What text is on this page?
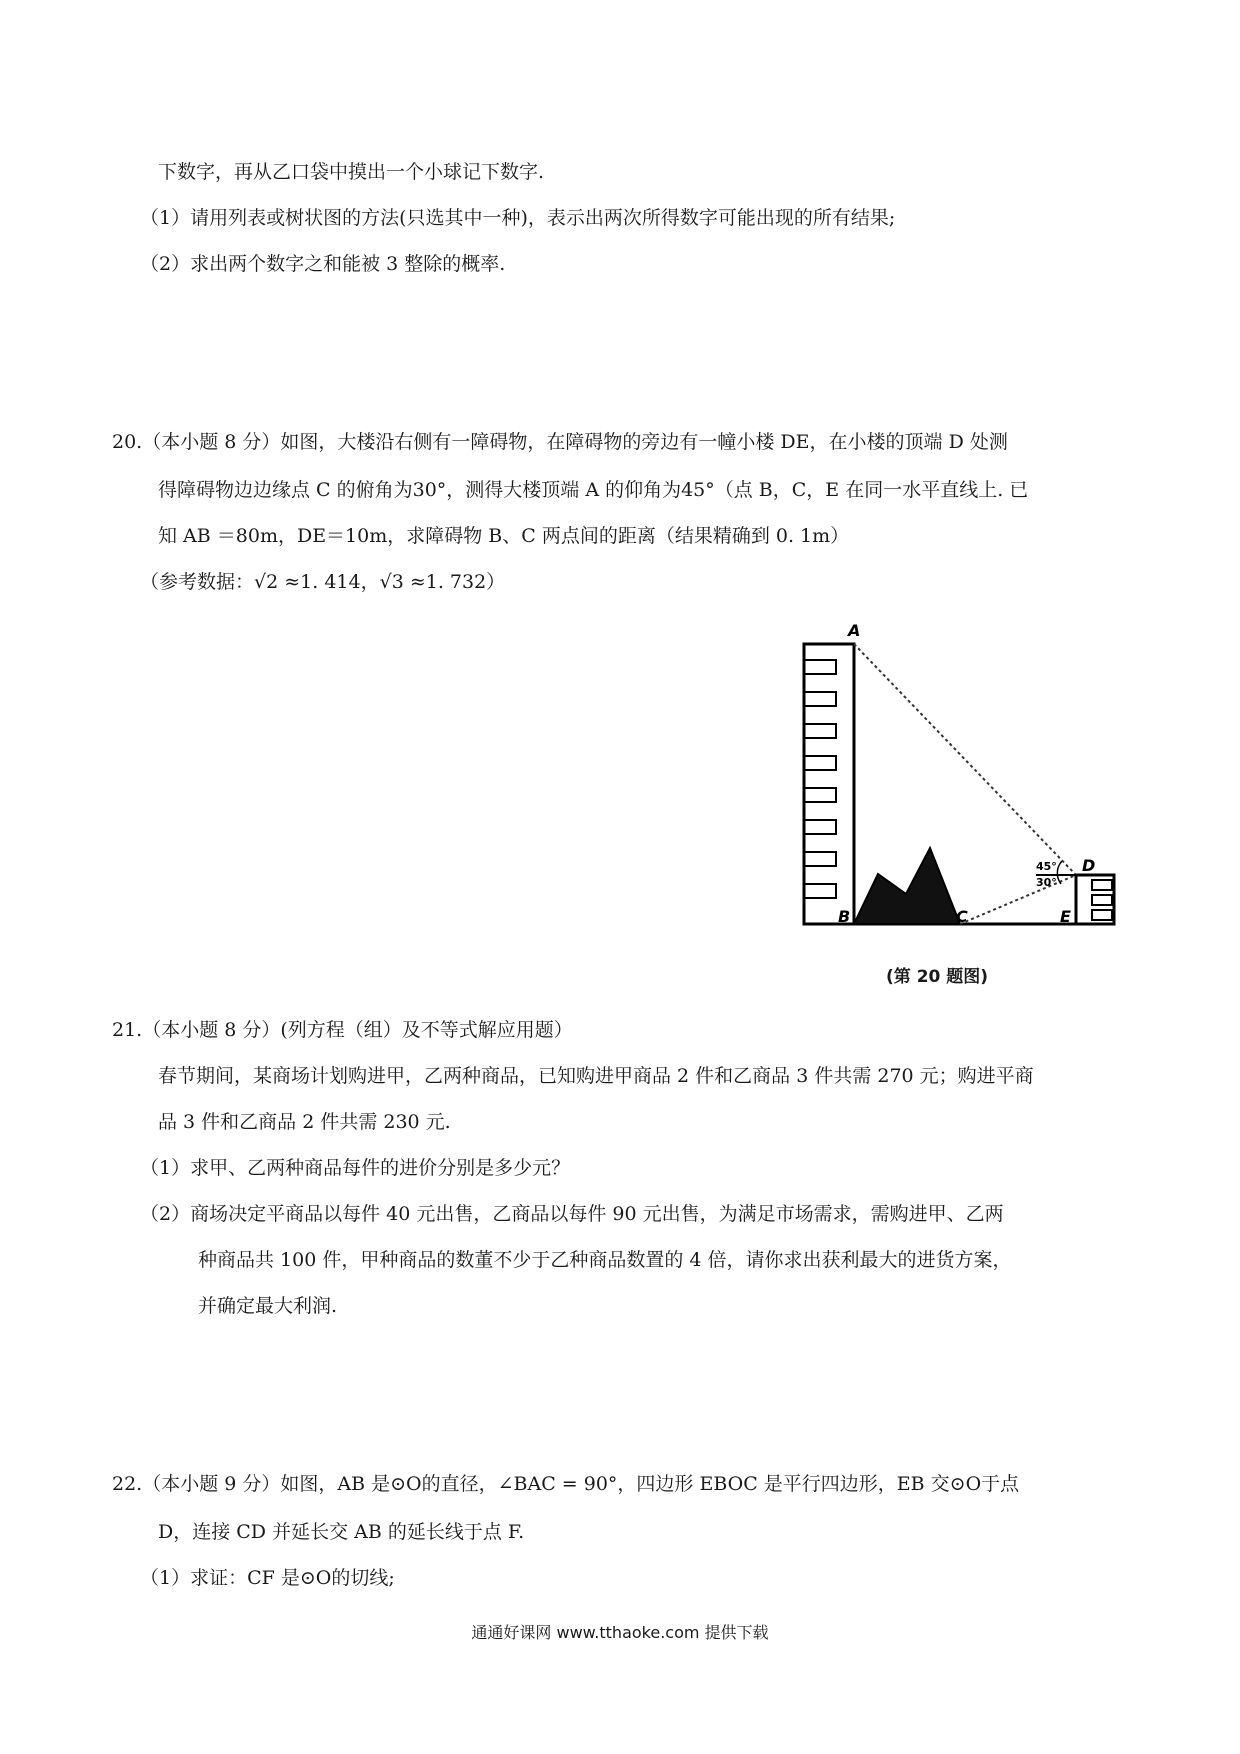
下数字，再从乙口袋中摸出一个小球记下数字.
（1）请用列表或树状图的方法(只选其中一种)，表示出两次所得数字可能出现的所有结果;
（2）求出两个数字之和能被 3 整除的概率.
20.（本小题 8 分）如图，大楼沿右侧有一障碍物，在障碍物的旁边有一幢小楼 DE，在小楼的顶端 D 处测
得障碍物边边缘点 C 的俯角为30°，测得大楼顶端 A 的仰角为45°（点 B，C，E 在同一水平直线上. 已
知 AB ＝80m，DE＝10m，求障碍物 B、C 两点间的距离（结果精确到 0. 1m）
（参考数据：√2 ≈1. 414，√3 ≈1. 732）
A
B	C
D
E
45°
30°
(第 20 题图)
21.（本小题 8 分）(列方程（组）及不等式解应用题）
春节期间，某商场计划购进甲，乙两种商品，已知购进甲商品 2 件和乙商品 3 件共需 270 元；购进平商
品 3 件和乙商品 2 件共需 230 元.
（1）求甲、乙两种商品每件的进价分别是多少元？
（2）商场决定平商品以每件 40 元出售，乙商品以每件 90 元出售，为满足市场需求，需购进甲、乙两
种商品共 100 件，甲种商品的数董不少于乙种商品数置的 4 倍，请你求出获利最大的进货方案，
并确定最大利润.
22.（本小题 9 分）如图，AB 是⊙O的直径，∠BAC = 90°，四边形 EBOC 是平行四边形，EB 交⊙O于点
D，连接 CD 并延长交 AB 的延长线于点 F.
（1）求证：CF 是⊙O的切线;
通通好课网 www.tthaoke.com 提供下载
